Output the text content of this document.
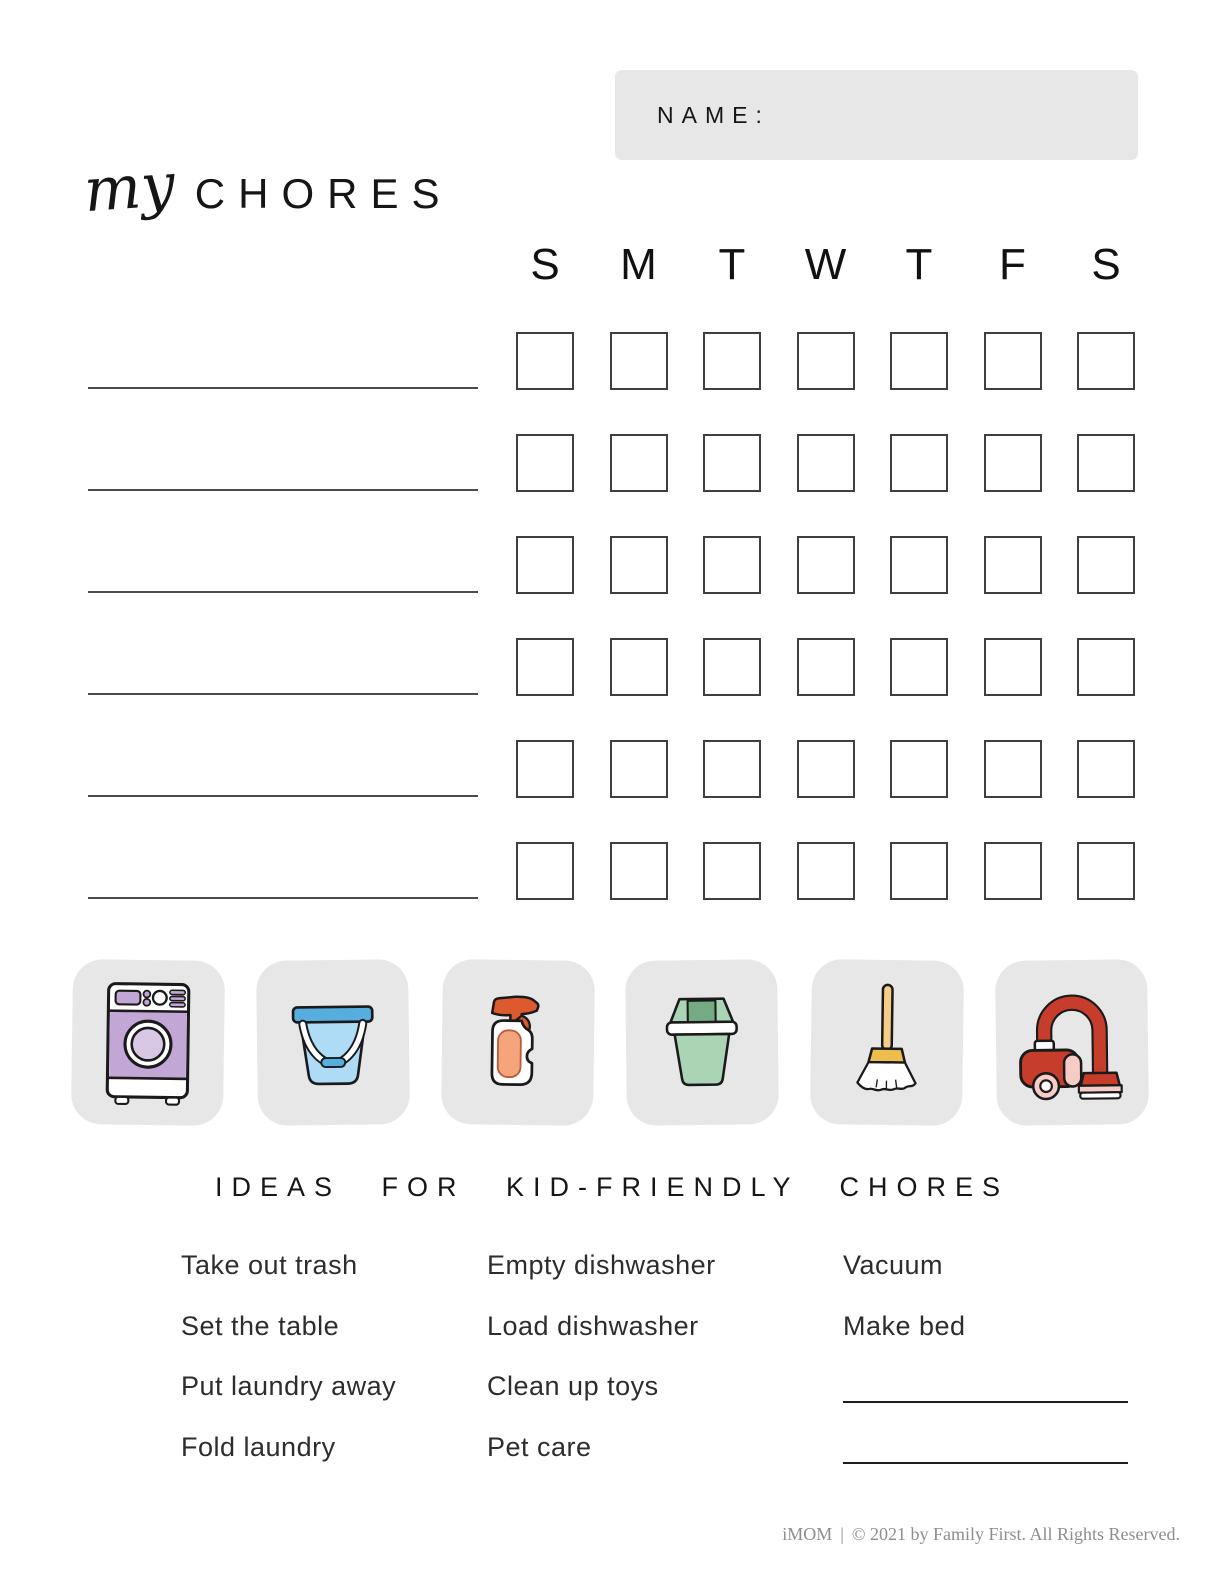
NAME:
my CHORES
S	M	T	W	T	F	S
IDEAS FOR KID-FRIENDLY CHORES
Take out trash
Set the table
Put laundry away
Fold laundry
Empty dishwasher
Load dishwasher
Clean up toys
Pet care
Vacuum
Make bed
iMOM | © 2021 by Family First. All Rights Reserved.
